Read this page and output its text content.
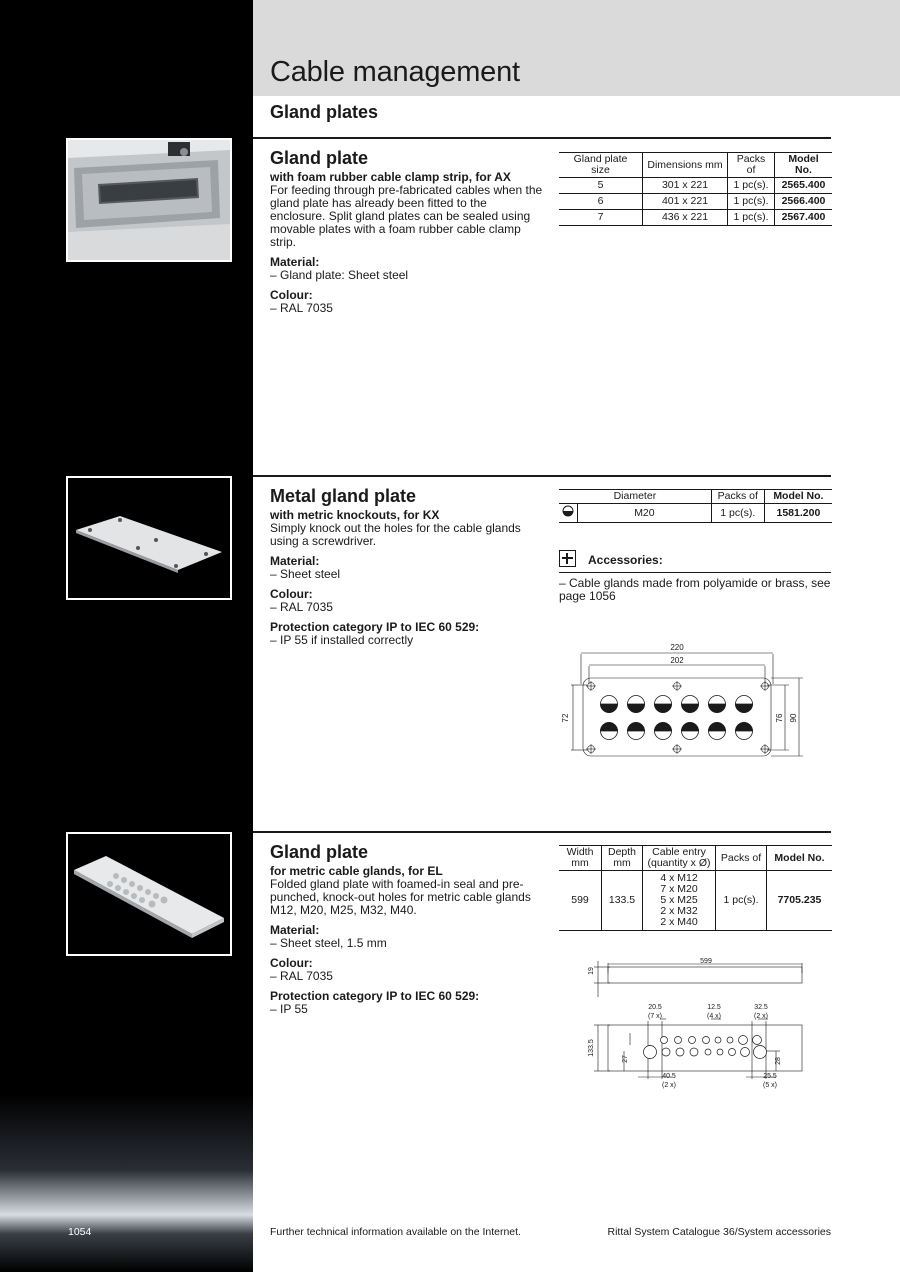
Cable management
Gland plates
Gland plate
with foam rubber cable clamp strip, for AX
For feeding through pre-fabricated cables when the gland plate has already been fitted to the enclosure. Split gland plates can be sealed using movable plates with a foam rubber cable clamp strip.
Material:
– Gland plate: Sheet steel
Colour:
– RAL 7035
Gland plate size	Dimensions mm	Packs of	Model No.
5	301 x 221	1 pc(s).	2565.400
6	401 x 221	1 pc(s).	2566.400
7	436 x 221	1 pc(s).	2567.400
Metal gland plate
with metric knockouts, for KX
Simply knock out the holes for the cable glands using a screwdriver.
Material:
– Sheet steel
Colour:
– RAL 7035
Protection category IP to IEC 60 529:
– IP 55 if installed correctly
Diameter		Packs of	Model No.
	M20	1 pc(s).	1581.200
Accessories:
– Cable glands made from polyamide or brass, see page 1056
220
202
72	76 90
Gland plate
for metric cable glands, for EL
Folded gland plate with foamed-in seal and pre-punched, knock-out holes for metric cable glands M12, M20, M25, M32, M40.
Material:
– Sheet steel, 1.5 mm
Colour:
– RAL 7035
Protection category IP to IEC 60 529:
– IP 55
Width mm	Depth mm	Cable entry (quantity x Ø)	Packs of	Model No.
599	133.5	4 x M12
7 x M20
5 x M25
2 x M32
2 x M40	1 pc(s).	7705.235
599
19
133.5
27	28
20.5
(7 x)
12.5
(4 x)
32.5
(2 x)
40.5
(2 x)
25.5
(5 x)
1054	Further technical information available on the Internet.	Rittal System Catalogue 36/System accessories
